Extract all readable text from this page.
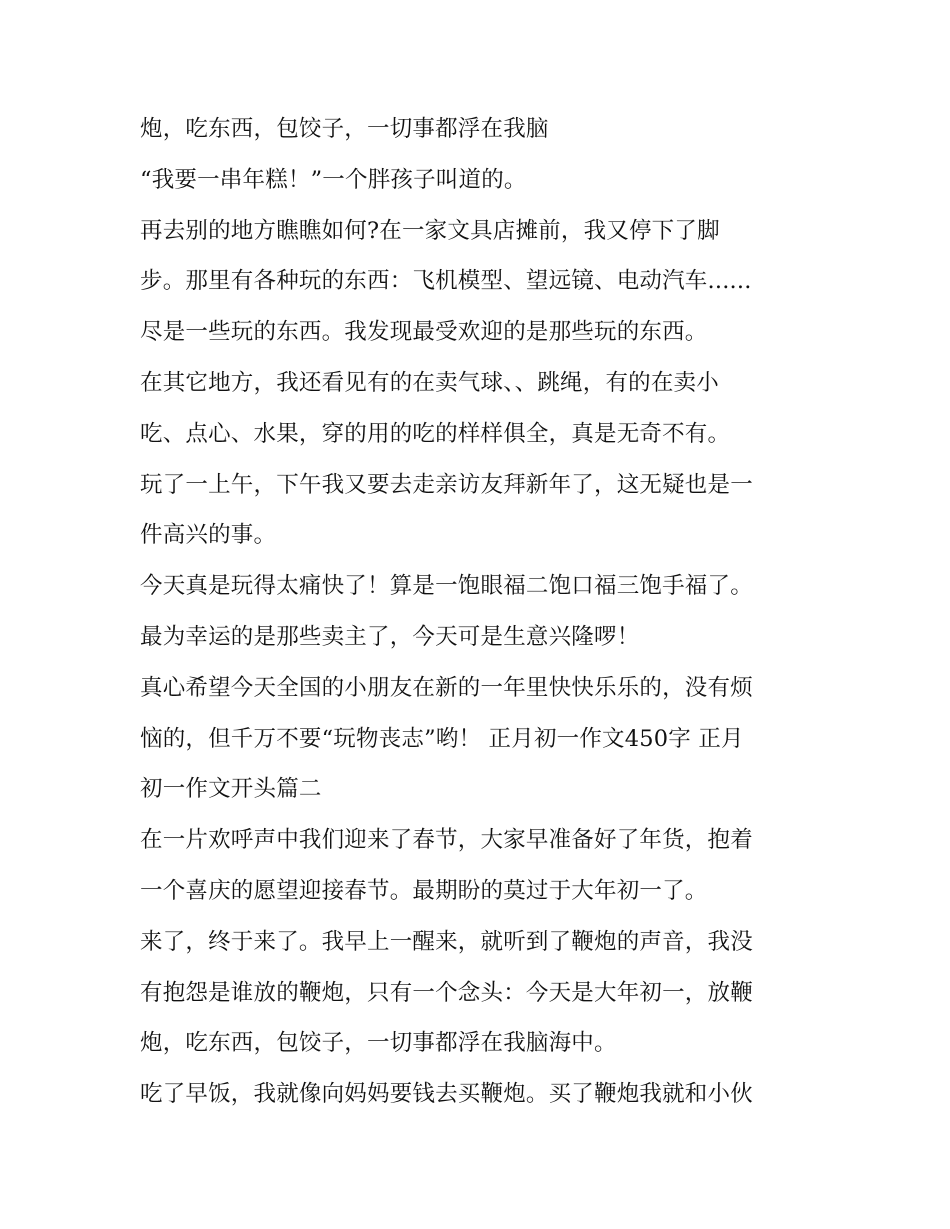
炮，吃东西，包饺子，一切事都浮在我脑
“我要一串年糕！”一个胖孩子叫道的。
再去别的地方瞧瞧如何?在一家文具店摊前，我又停下了脚
步。那里有各种玩的东西：飞机模型、望远镜、电动汽车......
尽是一些玩的东西。我发现最受欢迎的是那些玩的东西。
在其它地方，我还看见有的在卖气球、、跳绳，有的在卖小
吃、点心、水果，穿的用的吃的样样俱全，真是无奇不有。
玩了一上午，下午我又要去走亲访友拜新年了，这无疑也是一
件高兴的事。
今天真是玩得太痛快了！算是一饱眼福二饱口福三饱手福了。
最为幸运的是那些卖主了，今天可是生意兴隆啰！
真心希望今天全国的小朋友在新的一年里快快乐乐的，没有烦
恼的，但千万不要“玩物丧志”哟！ 正月初一作文450字 正月
初一作文开头篇二
在一片欢呼声中我们迎来了春节，大家早准备好了年货，抱着
一个喜庆的愿望迎接春节。最期盼的莫过于大年初一了。
来了，终于来了。我早上一醒来，就听到了鞭炮的声音，我没
有抱怨是谁放的鞭炮，只有一个念头：今天是大年初一，放鞭
炮，吃东西，包饺子，一切事都浮在我脑海中。
吃了早饭，我就像向妈妈要钱去买鞭炮。买了鞭炮我就和小伙
